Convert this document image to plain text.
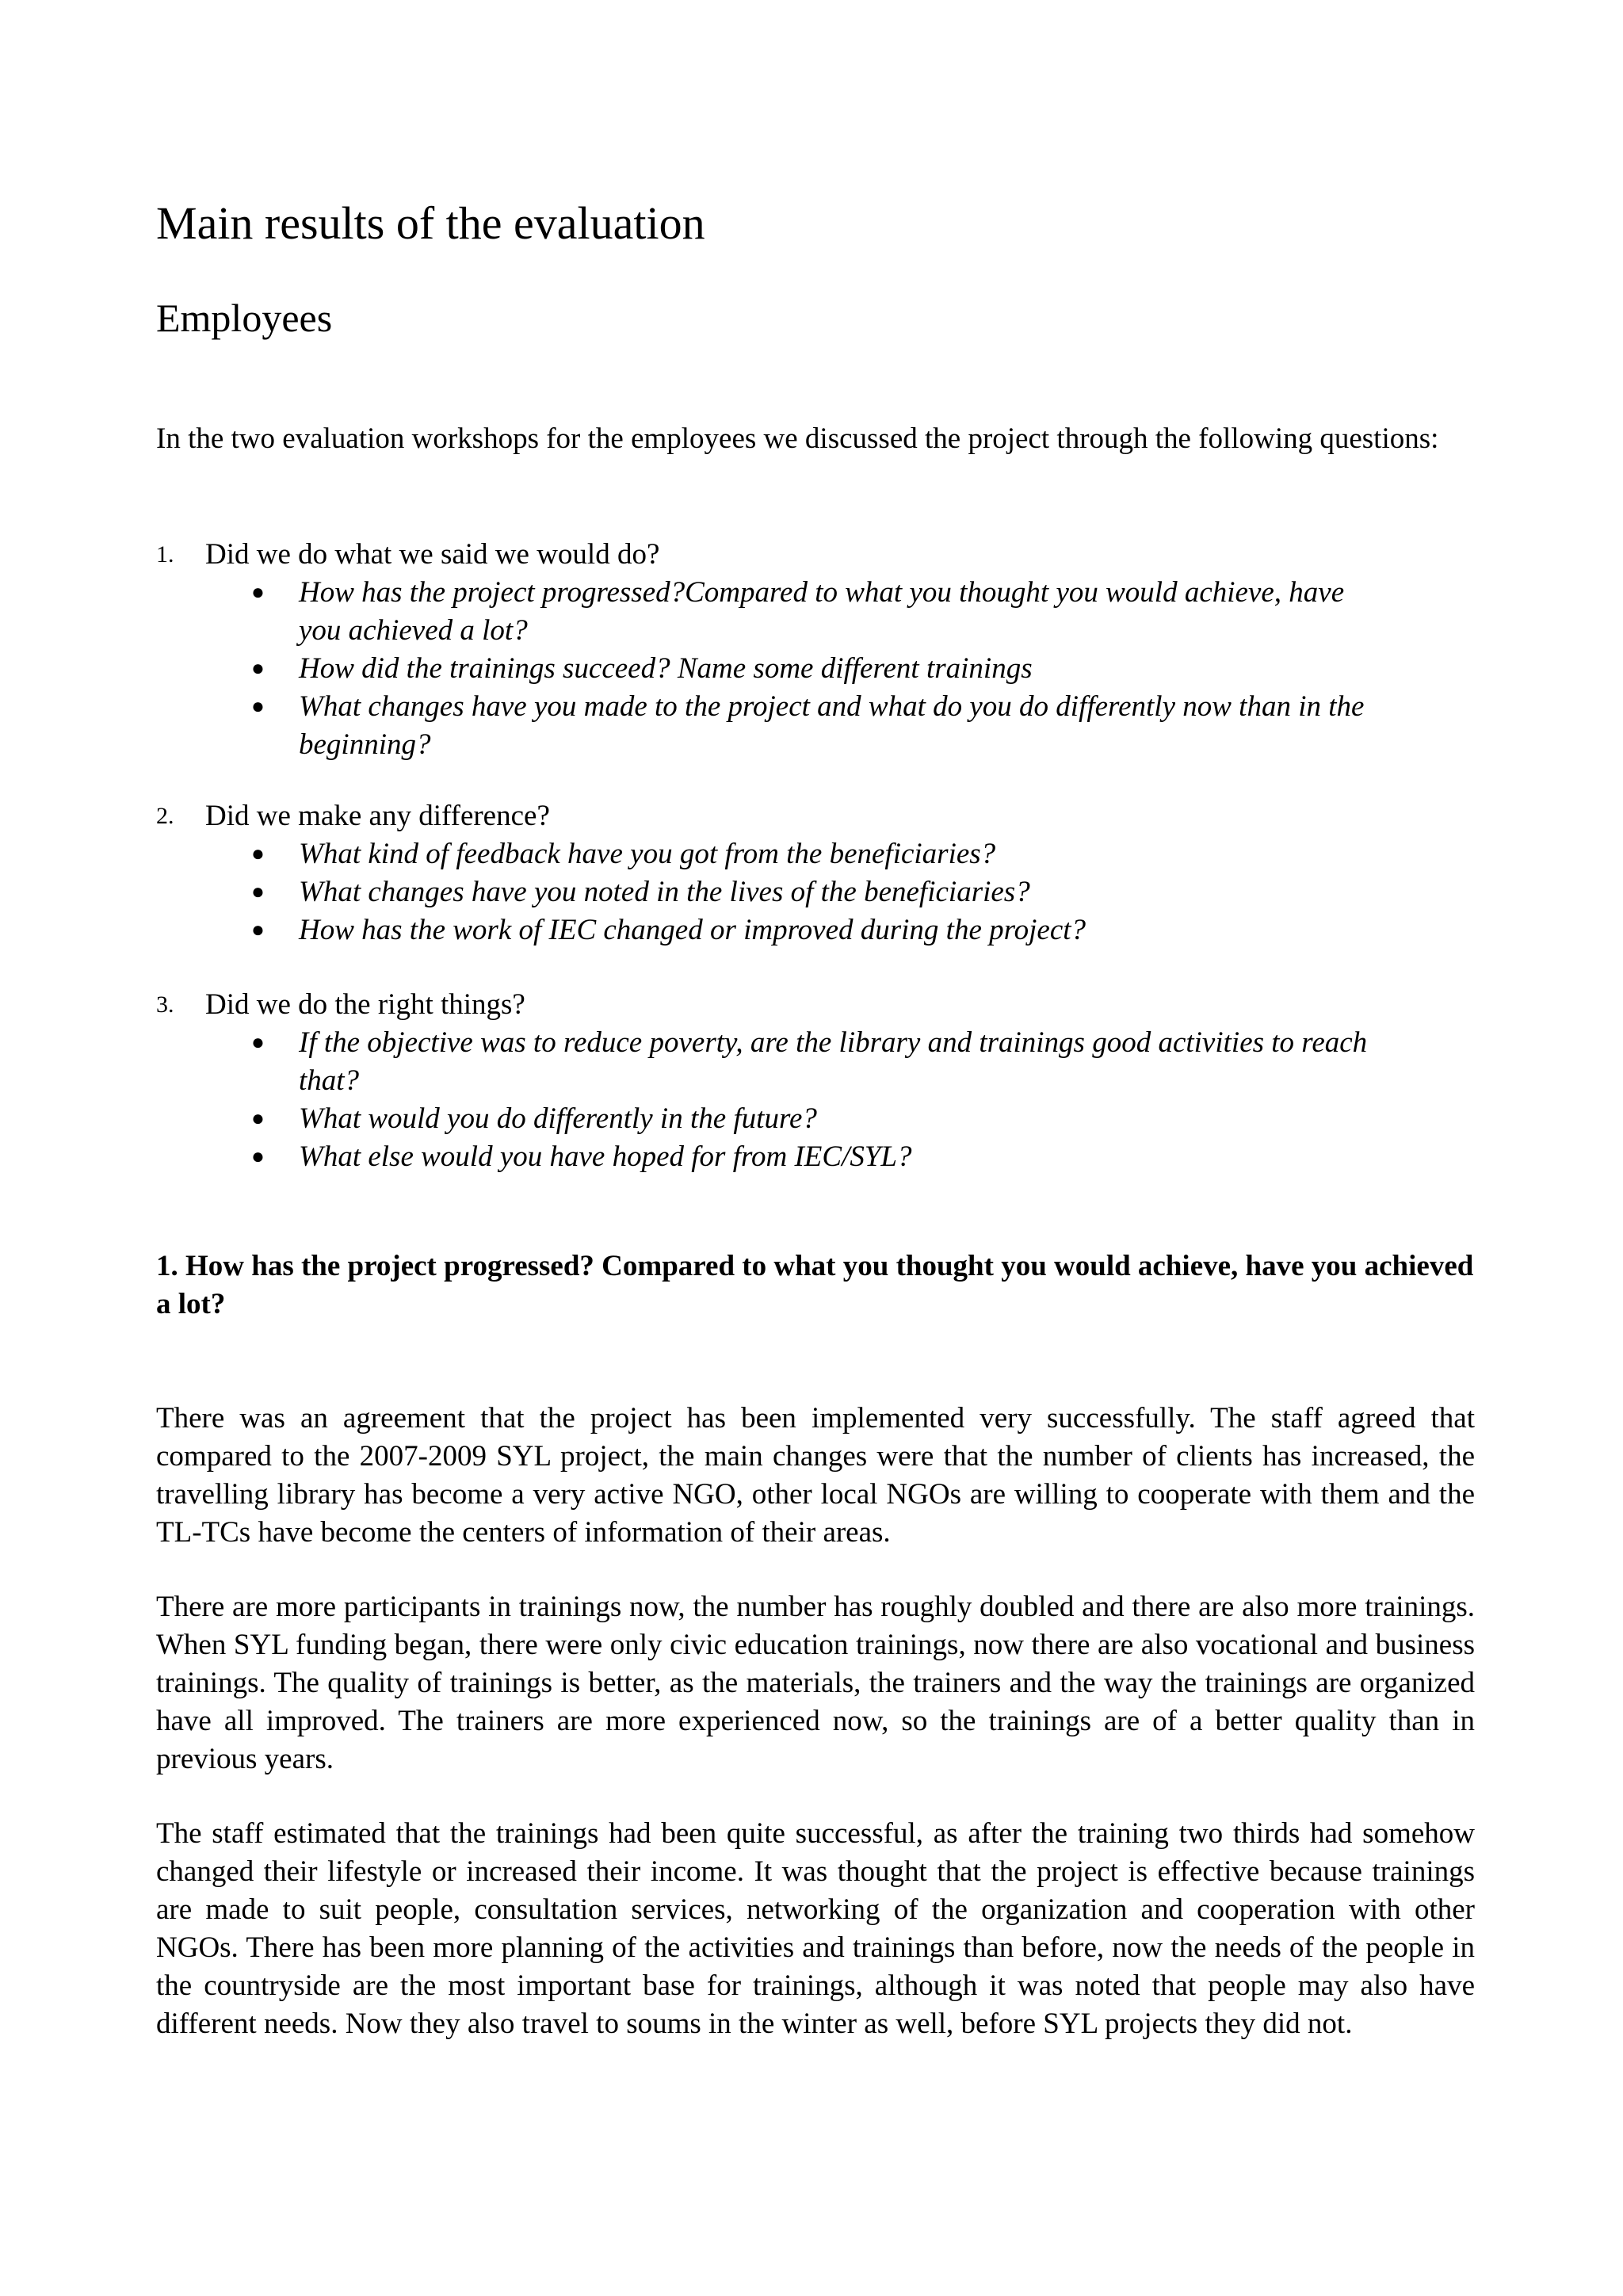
Main results of the evaluation
Employees

In the two evaluation workshops for the employees we discussed the project through the following questions:

1.	Did we do what we said we would do?
●	How has the project progressed?Compared to what you thought you would achieve, have you achieved a lot?
●	How did the trainings succeed? Name some different trainings
●	What changes have you made to the project and what do you do differently now than in the beginning?
2.	Did we make any difference?
●	What kind of feedback have you got from the beneficiaries?
●	What changes have you noted in the lives of the beneficiaries?
●	How has the work of IEC changed or improved during the project?
3.	Did we do the right things?
●	If the objective was to reduce poverty, are the library and trainings good activities to reach that?
●	What would you do differently in the future?
●	What else would you have hoped for from IEC/SYL?
1. How has the project progressed? Compared to what you thought you would achieve, have you achieved a lot?

There was an agreement that the project has been implemented very successfully. The staff agreed that compared to the 2007-2009 SYL project, the main changes were that the number of clients has increased, the travelling library has become a very active NGO, other local NGOs are willing to cooperate with them and the TL-TCs have become the centers of information of their areas.

There are more participants in trainings now, the number has roughly doubled and there are also more trainings. When SYL funding began, there were only civic education trainings, now there are also vocational and business trainings. The quality of trainings is better, as the materials, the trainers and the way the trainings are organized have all improved. The trainers are more experienced now, so the trainings are of a better quality than in previous years.

The staff estimated that the trainings had been quite successful, as after the training two thirds had somehow changed their lifestyle or increased their income. It was thought that the project is effective because trainings are made to suit people, consultation services, networking of the organization and cooperation with other NGOs. There has been more planning of the activities and trainings than before, now the needs of the people in the countryside are the most important base for trainings, although it was noted that people may also have different needs. Now they also travel to soums in the winter as well, before SYL projects they did not.
